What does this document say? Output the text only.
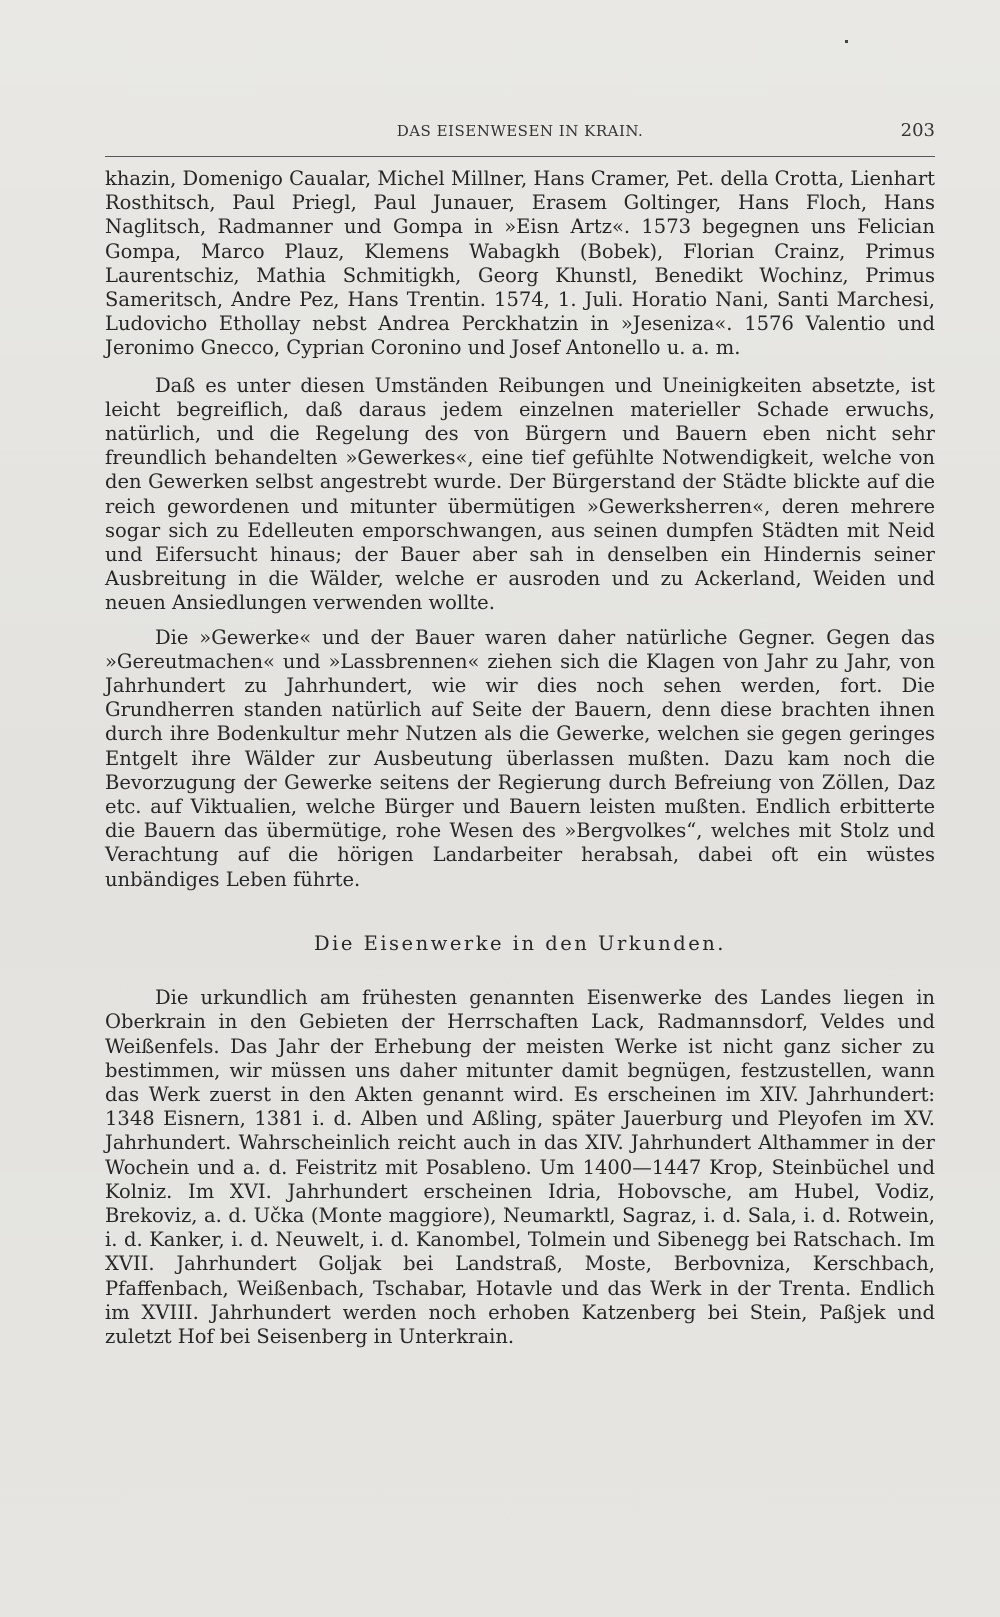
DAS EISENWESEN IN KRAIN.	203

khazin, Domenigo Caualar, Michel Millner, Hans Cramer, Pet. della Crotta, Lienhart Rosthitsch, Paul Priegl, Paul Junauer, Erasem Goltinger, Hans Floch, Hans Naglitsch, Radmanner und Gompa in »Eisn Artz«. 1573 begegnen uns Felician Gompa, Marco Plauz, Klemens Wabagkh (Bobek), Florian Crainz, Primus Laurentschiz, Mathia Schmitigkh, Georg Khunstl, Benedikt Wochinz, Primus Sameritsch, Andre Pez, Hans Trentin. 1574, 1. Juli. Horatio Nani, Santi Marchesi, Ludovicho Ethollay nebst Andrea Perckhatzin in »Jeseniza«. 1576 Valentio und Jeronimo Gnecco, Cyprian Coronino und Josef Antonello u. a. m.

Daß es unter diesen Umständen Reibungen und Uneinigkeiten absetzte, ist leicht begreiflich, daß daraus jedem einzelnen materieller Schade erwuchs, natürlich, und die Regelung des von Bürgern und Bauern eben nicht sehr freundlich behandelten »Gewerkes«, eine tief gefühlte Notwendigkeit, welche von den Gewerken selbst angestrebt wurde. Der Bürgerstand der Städte blickte auf die reich gewordenen und mitunter übermütigen »Gewerksherren«, deren mehrere sogar sich zu Edelleuten emporschwangen, aus seinen dumpfen Städten mit Neid und Eifersucht hinaus; der Bauer aber sah in denselben ein Hindernis seiner Ausbreitung in die Wälder, welche er ausroden und zu Ackerland, Weiden und neuen Ansiedlungen verwenden wollte.

Die »Gewerke« und der Bauer waren daher natürliche Gegner. Gegen das »Gereutmachen« und »Lassbrennen« ziehen sich die Klagen von Jahr zu Jahr, von Jahrhundert zu Jahrhundert, wie wir dies noch sehen werden, fort. Die Grundherren standen natürlich auf Seite der Bauern, denn diese brachten ihnen durch ihre Bodenkultur mehr Nutzen als die Gewerke, welchen sie gegen geringes Entgelt ihre Wälder zur Ausbeutung überlassen mußten. Dazu kam noch die Bevorzugung der Gewerke seitens der Regierung durch Befreiung von Zöllen, Daz etc. auf Viktualien, welche Bürger und Bauern leisten mußten. Endlich erbitterte die Bauern das übermütige, rohe Wesen des »Bergvolkes“, welches mit Stolz und Verachtung auf die hörigen Landarbeiter herabsah, dabei oft ein wüstes unbändiges Leben führte.

Die Eisenwerke in den Urkunden.

Die urkundlich am frühesten genannten Eisenwerke des Landes liegen in Oberkrain in den Gebieten der Herrschaften Lack, Radmannsdorf, Veldes und Weißenfels. Das Jahr der Erhebung der meisten Werke ist nicht ganz sicher zu bestimmen, wir müssen uns daher mitunter damit begnügen, festzustellen, wann das Werk zuerst in den Akten genannt wird. Es erscheinen im XIV. Jahrhundert: 1348 Eisnern, 1381 i. d. Alben und Aßling, später Jauerburg und Pleyofen im XV. Jahrhundert. Wahrscheinlich reicht auch in das XIV. Jahrhundert Althammer in der Wochein und a. d. Feistritz mit Posableno. Um 1400—1447 Krop, Steinbüchel und Kolniz. Im XVI. Jahrhundert erscheinen Idria, Hobovsche, am Hubel, Vodiz, Brekoviz, a. d. Učka (Monte maggiore), Neumarktl, Sagraz, i. d. Sala, i. d. Rotwein, i. d. Kanker, i. d. Neuwelt, i. d. Kanombel, Tolmein und Sibenegg bei Ratschach. Im XVII. Jahrhundert Goljak bei Landstraß, Moste, Berbovniza, Kerschbach, Pfaffenbach, Weißenbach, Tschabar, Hotavle und das Werk in der Trenta. Endlich im XVIII. Jahrhundert werden noch erhoben Katzenberg bei Stein, Paßjek und zuletzt Hof bei Seisenberg in Unterkrain.
